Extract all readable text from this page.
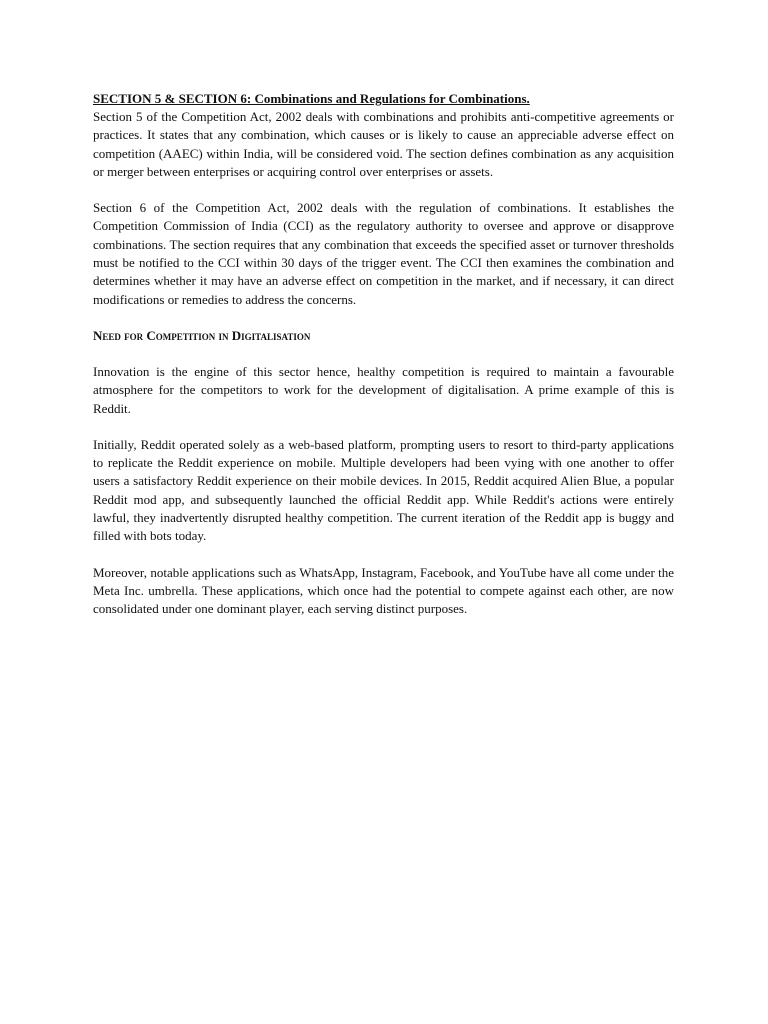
SECTION 5 & SECTION 6: Combinations and Regulations for Combinations.

Section 5 of the Competition Act, 2002 deals with combinations and prohibits anti-competitive agreements or practices. It states that any combination, which causes or is likely to cause an appreciable adverse effect on competition (AAEC) within India, will be considered void. The section defines combination as any acquisition or merger between enterprises or acquiring control over enterprises or assets.

Section 6 of the Competition Act, 2002 deals with the regulation of combinations. It establishes the Competition Commission of India (CCI) as the regulatory authority to oversee and approve or disapprove combinations. The section requires that any combination that exceeds the specified asset or turnover thresholds must be notified to the CCI within 30 days of the trigger event. The CCI then examines the combination and determines whether it may have an adverse effect on competition in the market, and if necessary, it can direct modifications or remedies to address the concerns.

Need for Competition in Digitalisation

Innovation is the engine of this sector hence, healthy competition is required to maintain a favourable atmosphere for the competitors to work for the development of digitalisation. A prime example of this is Reddit.

Initially, Reddit operated solely as a web-based platform, prompting users to resort to third-party applications to replicate the Reddit experience on mobile. Multiple developers had been vying with one another to offer users a satisfactory Reddit experience on their mobile devices. In 2015, Reddit acquired Alien Blue, a popular Reddit mod app, and subsequently launched the official Reddit app. While Reddit's actions were entirely lawful, they inadvertently disrupted healthy competition. The current iteration of the Reddit app is buggy and filled with bots today.

Moreover, notable applications such as WhatsApp, Instagram, Facebook, and YouTube have all come under the Meta Inc. umbrella. These applications, which once had the potential to compete against each other, are now consolidated under one dominant player, each serving distinct purposes.
